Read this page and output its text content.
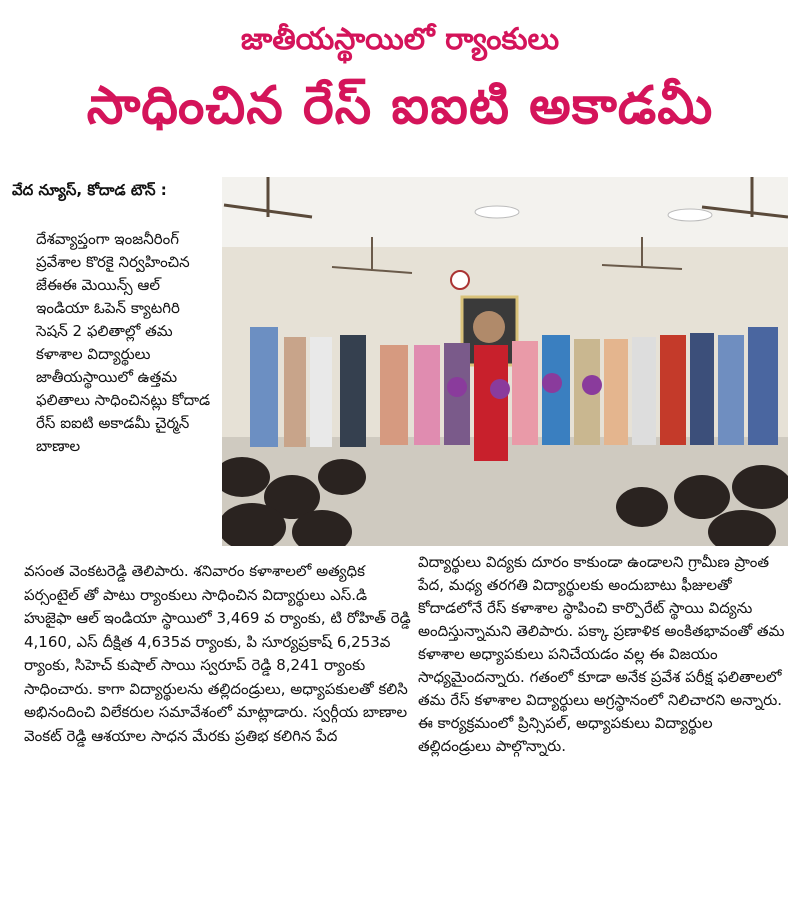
జాతీయస్థాయిలో ర్యాంకులు
సాధించిన రేస్ ఐఐటి అకాడమీ
వేద న్యూస్, కోదాడ టౌన్ :

దేశవ్యాప్తంగా ఇంజనీరింగ్ ప్రవేశాల కొరకై నిర్వహించిన జేఈఈ మెయిన్స్ ఆల్ ఇండియా ఓపెన్ క్యాటగిరి సెషన్ 2 ఫలితాల్లో తమ కళాశాల విద్యార్థులు జాతీయస్థాయిలో ఉత్తమ ఫలితాలు సాధించినట్లు కోదాడ రేస్ ఐఐటి అకాడమీ చైర్మన్ బాణాల

వసంత వెంకటరెడ్డి తెలిపారు. శనివారం కళాశాలలో అత్యధిక పర్సంటైల్ తో పాటు ర్యాంకులు సాధించిన విద్యార్థులు ఎస్.డి హుజైఫా ఆల్ ఇండియా స్థాయిలో 3,469 వ ర్యాంకు, టి రోహిత్ రెడ్డి 4,160, ఎస్ దీక్షిత 4,635వ ర్యాంకు, పి సూర్యప్రకాష్ 6,253వ ర్యాంకు, సిహెచ్ కుషాల్ సాయి స్వరూప్ రెడ్డి 8,241 ర్యాంకు సాధించారు. కాగా విద్యార్థులను తల్లిదండ్రులు, అధ్యాపకులతో కలిసి అభినందించి విలేకరుల సమావేశంలో మాట్లాడారు. స్వర్గీయ బాణాల వెంకట్ రెడ్డి ఆశయాల సాధన మేరకు ప్రతిభ కలిగిన పేద

విద్యార్థులు విద్యకు దూరం కాకుండా ఉండాలని గ్రామీణ ప్రాంత పేద, మధ్య తరగతి విద్యార్థులకు అందుబాటు ఫీజులతో కోదాడలోనే రేస్ కళాశాల స్థాపించి కార్పొరేట్ స్థాయి విద్యను అందిస్తున్నామని తెలిపారు. పక్కా ప్రణాళిక అంకితభావంతో తమ కళాశాల అధ్యాపకులు పనిచేయడం వల్ల ఈ విజయం సాధ్యమైందన్నారు. గతంలో కూడా అనేక ప్రవేశ పరీక్ష ఫలితాలలో తమ రేస్ కళాశాల విద్యార్థులు అగ్రస్థానంలో నిలిచారని అన్నారు. ఈ కార్యక్రమంలో ప్రిన్సిపల్, అధ్యాపకులు విద్యార్థుల తల్లిదండ్రులు పాల్గొన్నారు.
